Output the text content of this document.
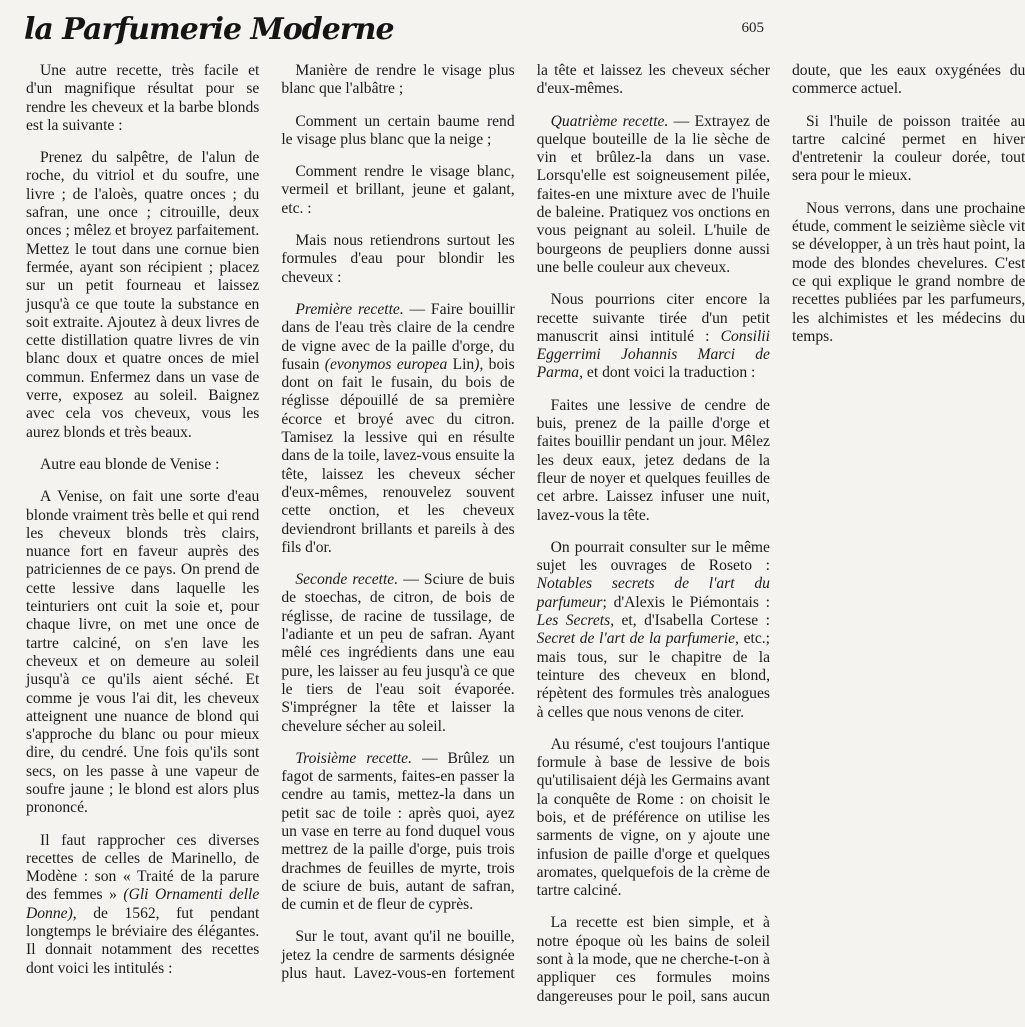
la Parfumerie Moderne	605

Une autre recette, très facile et d'un magnifique résultat pour se rendre les cheveux et la barbe blonds est la suivante :

Prenez du salpêtre, de l'alun de roche, du vitriol et du soufre, une livre ; de l'aloès, quatre onces ; du safran, une once ; citrouille, deux onces ; mêlez et broyez parfaitement. Mettez le tout dans une cornue bien fermée, ayant son récipient ; placez sur un petit fourneau et laissez jusqu'à ce que toute la substance en soit extraite. Ajoutez à deux livres de cette distillation quatre livres de vin blanc doux et quatre onces de miel commun. Enfermez dans un vase de verre, exposez au soleil. Baignez avec cela vos cheveux, vous les aurez blonds et très beaux.

Autre eau blonde de Venise :

A Venise, on fait une sorte d'eau blonde vraiment très belle et qui rend les cheveux blonds très clairs, nuance fort en faveur auprès des patriciennes de ce pays. On prend de cette lessive dans laquelle les teinturiers ont cuit la soie et, pour chaque livre, on met une once de tartre calciné, on s'en lave les cheveux et on demeure au soleil jusqu'à ce qu'ils aient séché. Et comme je vous l'ai dit, les cheveux atteignent une nuance de blond qui s'approche du blanc ou pour mieux dire, du cendré. Une fois qu'ils sont secs, on les passe à une vapeur de soufre jaune ; le blond est alors plus prononcé.

Il faut rapprocher ces diverses recettes de celles de Marinello, de Modène : son « Traité de la parure des femmes » (Gli Ornamenti delle Donne), de 1562, fut pendant longtemps le bréviaire des élégantes. Il donnait notamment des recettes dont voici les intitulés :

Manière de rendre le visage plus blanc que l'albâtre ;

Comment un certain baume rend le visage plus blanc que la neige ;

Comment rendre le visage blanc, vermeil et brillant, jeune et galant, etc. :

Mais nous retiendrons surtout les formules d'eau pour blondir les cheveux :

Première recette. — Faire bouillir dans de l'eau très claire de la cendre de vigne avec de la paille d'orge, du fusain (evonymos europea Lin), bois dont on fait le fusain, du bois de réglisse dépouillé de sa première écorce et broyé avec du citron. Tamisez la lessive qui en résulte dans de la toile, lavez-vous ensuite la tête, laissez les cheveux sécher d'eux-mêmes, renouvelez souvent cette onction, et les cheveux deviendront brillants et pareils à des fils d'or.

Seconde recette. — Sciure de buis de stoechas, de citron, de bois de réglisse, de racine de tussilage, de l'adiante et un peu de safran. Ayant mêlé ces ingrédients dans une eau pure, les laisser au feu jusqu'à ce que le tiers de l'eau soit évaporée. S'imprégner la tête et laisser la chevelure sécher au soleil.

Troisième recette. — Brûlez un fagot de sarments, faites-en passer la cendre au tamis, mettez-la dans un petit sac de toile : après quoi, ayez un vase en terre au fond duquel vous mettrez de la paille d'orge, puis trois drachmes de feuilles de myrte, trois de sciure de buis, autant de safran, de cumin et de fleur de cyprès.

Sur le tout, avant qu'il ne bouille, jetez la cendre de sarments désignée plus haut. Lavez-vous-en fortement la tête et laissez les cheveux sécher d'eux-mêmes.

Quatrième recette. — Extrayez de quelque bouteille de la lie sèche de vin et brûlez-la dans un vase. Lorsqu'elle est soigneusement pilée, faites-en une mixture avec de l'huile de baleine. Pratiquez vos onctions en vous peignant au soleil. L'huile de bourgeons de peupliers donne aussi une belle couleur aux cheveux.

Nous pourrions citer encore la recette suivante tirée d'un petit manuscrit ainsi intitulé : Consilii Eggerrimi Johannis Marci de Parma, et dont voici la traduction :

Faites une lessive de cendre de buis, prenez de la paille d'orge et faites bouillir pendant un jour. Mêlez les deux eaux, jetez dedans de la fleur de noyer et quelques feuilles de cet arbre. Laissez infuser une nuit, lavez-vous la tête.

On pourrait consulter sur le même sujet les ouvrages de Roseto : Notables secrets de l'art du parfumeur; d'Alexis le Piémontais : Les Secrets, et, d'Isabella Cortese : Secret de l'art de la parfumerie, etc.; mais tous, sur le chapitre de la teinture des cheveux en blond, répètent des formules très analogues à celles que nous venons de citer.

Au résumé, c'est toujours l'antique formule à base de lessive de bois qu'utilisaient déjà les Germains avant la conquête de Rome : on choisit le bois, et de préférence on utilise les sarments de vigne, on y ajoute une infusion de paille d'orge et quelques aromates, quelquefois de la crème de tartre calciné.

La recette est bien simple, et à notre époque où les bains de soleil sont à la mode, que ne cherche-t-on à appliquer ces formules moins dangereuses pour le poil, sans aucun doute, que les eaux oxygénées du commerce actuel.

Si l'huile de poisson traitée au tartre calciné permet en hiver d'entretenir la couleur dorée, tout sera pour le mieux.

Nous verrons, dans une prochaine étude, comment le seizième siècle vit se développer, à un très haut point, la mode des blondes chevelures. C'est ce qui explique le grand nombre de recettes publiées par les parfumeurs, les alchimistes et les médecins du temps.
